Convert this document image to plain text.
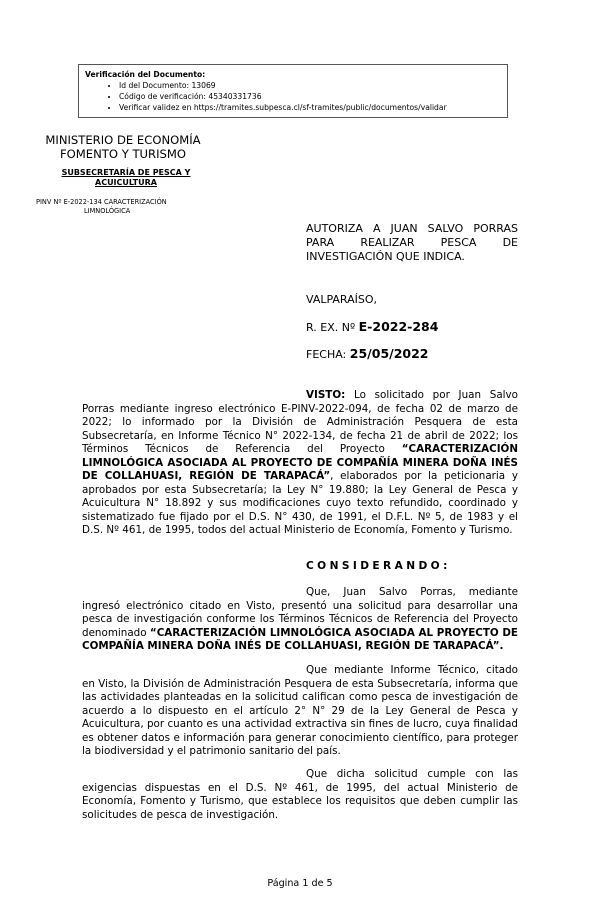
Verificación del Documento:
• Id del Documento: 13069
• Código de verificación: 45340331736
• Verificar validez en https://tramites.subpesca.cl/sf-tramites/public/documentos/validar
MINISTERIO DE ECONOMÍA
FOMENTO Y TURISMO
SUBSECRETARÍA DE PESCA Y ACUICULTURA
PINV Nº E-2022-134 CARACTERIZACIÓN
LIMNOLÓGICA
AUTORIZA A JUAN SALVO PORRAS PARA REALIZAR PESCA DE INVESTIGACIÓN QUE INDICA.
VALPARAÍSO,
R. EX. Nº E-2022-284
FECHA: 25/05/2022

VISTO: Lo solicitado por Juan Salvo Porras mediante ingreso electrónico E-PINV-2022-094, de fecha 02 de marzo de 2022; lo informado por la División de Administración Pesquera de esta Subsecretaría, en Informe Técnico N° 2022-134, de fecha 21 de abril de 2022; los Términos Técnicos de Referencia del Proyecto “CARACTERIZACIÓN LIMNOLÓGICA ASOCIADA AL PROYECTO DE COMPAÑÍA MINERA DOÑA INÉS DE COLLAHUASI, REGIÓN DE TARAPACÁ”, elaborados por la peticionaria y aprobados por esta Subsecretaría; la Ley N° 19.880; la Ley General de Pesca y Acuicultura N° 18.892 y sus modificaciones cuyo texto refundido, coordinado y sistematizado fue fijado por el D.S. N° 430, de 1991, el D.F.L. Nº 5, de 1983 y el D.S. Nº 461, de 1995, todos del actual Ministerio de Economía, Fomento y Turismo.

CONSIDERANDO:

Que, Juan Salvo Porras, mediante ingresó electrónico citado en Visto, presentó una solicitud para desarrollar una pesca de investigación conforme los Términos Técnicos de Referencia del Proyecto denominado “CARACTERIZACIÓN LIMNOLÓGICA ASOCIADA AL PROYECTO DE COMPAÑÍA MINERA DOÑA INÉS DE COLLAHUASI, REGIÓN DE TARAPACÁ”.

Que mediante Informe Técnico, citado en Visto, la División de Administración Pesquera de esta Subsecretaría, informa que las actividades planteadas en la solicitud califican como pesca de investigación de acuerdo a lo dispuesto en el artículo 2° N° 29 de la Ley General de Pesca y Acuicultura, por cuanto es una actividad extractiva sin fines de lucro, cuya finalidad es obtener datos e información para generar conocimiento científico, para proteger la biodiversidad y el patrimonio sanitario del país.

Que dicha solicitud cumple con las exigencias dispuestas en el D.S. Nº 461, de 1995, del actual Ministerio de Economía, Fomento y Turismo, que establece los requisitos que deben cumplir las solicitudes de pesca de investigación.

Página 1 de 5
